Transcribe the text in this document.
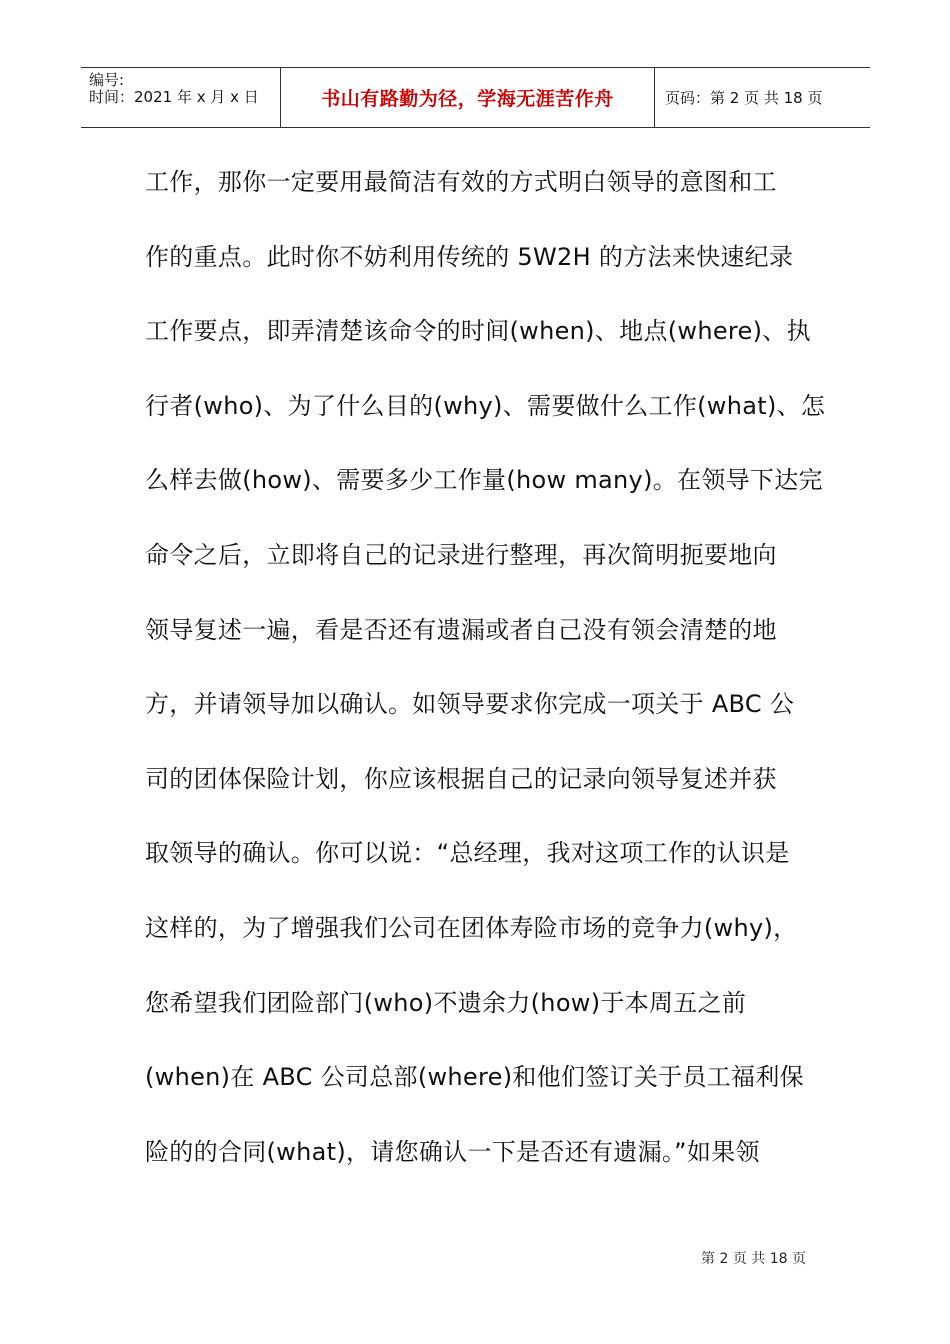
编号:
时间：2021 年 x 月 x 日	书山有路勤为径，学海无涯苦作舟	页码：第 2 页 共 18 页
工作，那你一定要用最简洁有效的方式明白领导的意图和工
作的重点。此时你不妨利用传统的 5W2H 的方法来快速纪录
工作要点，即弄清楚该命令的时间(when)、地点(where)、执
行者(who)、为了什么目的(why)、需要做什么工作(what)、怎
么样去做(how)、需要多少工作量(how many)。在领导下达完
命令之后，立即将自己的记录进行整理，再次简明扼要地向
领导复述一遍，看是否还有遗漏或者自己没有领会清楚的地
方，并请领导加以确认。如领导要求你完成一项关于 ABC 公
司的团体保险计划，你应该根据自己的记录向领导复述并获
取领导的确认。你可以说：“总经理，我对这项工作的认识是
这样的，为了增强我们公司在团体寿险市场的竞争力(why)，
您希望我们团险部门(who)不遗余力(how)于本周五之前
(when)在 ABC 公司总部(where)和他们签订关于员工福利保
险的的合同(what)，请您确认一下是否还有遗漏。”如果领
第 2 页 共 18 页
